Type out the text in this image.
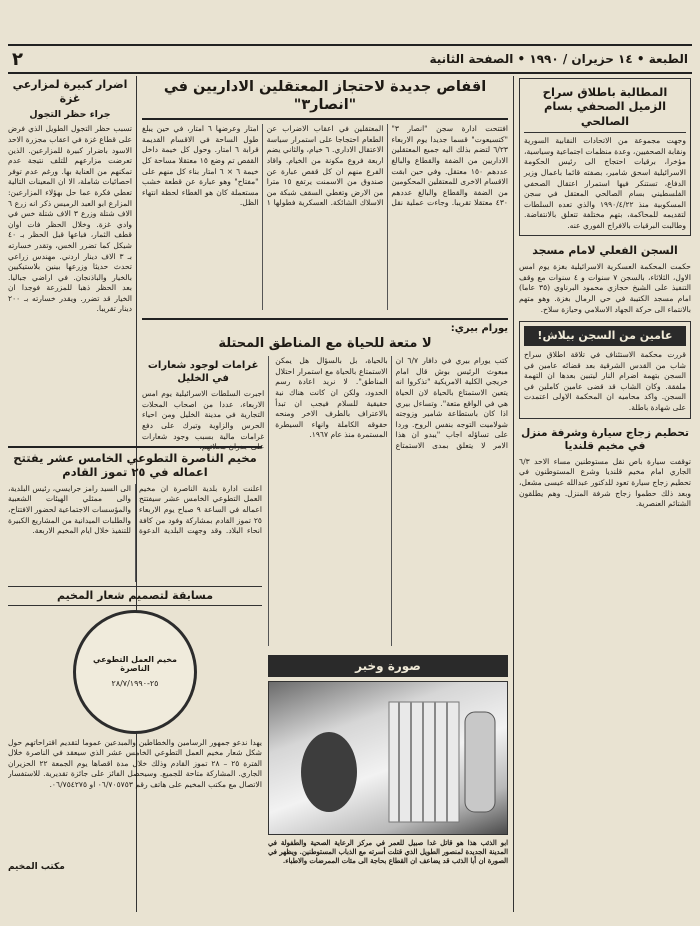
الطبعة • ١٤ حزيران / ١٩٩٠ • الصفحة الثانية
٢
المطالبة باطلاق سراح الزميل الصحفي بسام الصالحي

وجهت مجموعة من الاتحادات النقابية السورية ونقابة الصحفيين، وعدة منظمات اجتماعية وسياسية، مؤخرا، برقيات احتجاج الى رئيس الحكومة الاسرائيلية اسحق شامير، بصفته قائما باعمال وزير الدفاع، تستنكر فيها استمرار اعتقال الصحفي الفلسطيني بسام الصالحي المعتقل في سجن المسكوبية منذ ١٩٩٠/٤/٢٢ والذي تعده السلطات لتقديمه للمحاكمة، بتهم مختلفة تتعلق بالانتفاضة. وطالبت البرقيات بالافراج الفوري عنه.

السجن الفعلي لامام مسجد

حكمت المحكمة العسكرية الاسرائيلية بغزة يوم امس الاول، الثلاثاء، بالسجن ٧ سنوات و ٤ سنوات مع وقف التنفيذ على الشيخ حجازي محمود البرناوي (٣٥ عاما) امام مسجد الكتيبة في حي الرمال بغزة. وهو متهم بالانتماء الى حركة الجهاد الاسلامي وحيازة سلاح.

عامين من السجن بيلاش!

قررت محكمة الاستئناف في تلاقة اطلاق سراح شاب من القدس الشرقية بعد قضائه عامين في السجن بتهمة اضرام النار ليتبين بعدها ان التهمة ملفقة. وكان الشاب قد قضى عامين كاملين في السجن. واكد محاميه ان المحكمة الاولى اعتمدت على شهادة باطلة.

تحطيم زجاج سيارة وشرفة منزل في مخيم قلنديا

توقفت سيارة باص نقل مستوطنين مساء الاحد ٦/٣ الجاري امام مخيم قلنديا وشرع المستوطنون في تحطيم زجاج سيارة تعود للدكتور عبدالله عيسى مشعل، وبعد ذلك حطموا زجاج شرفة المنزل. وهم يطلقون الشتائم العنصرية.

اقفاص جديدة لاحتجاز المعتقلين الاداريين في "انصار٣"

افتتحت ادارة سجن "انصار ٣" "كتسيعوت" قسما جديدا يوم الاربعاء ٦/٢٣ لتضم بذلك اليه جميع المعتقلين الاداريين من الضفة والقطاع والبالغ عددهم ١٥٠ معتقل. وفي حين ابقت الاقسام الاخرى للمعتقلين المحكومين من الضفة والقطاع والبالغ عددهم ٤٣٠ معتقلا تقريبا. وجاءت عملية نقل المعتقلين في اعقاب الاضراب عن الطعام احتجاجا على استمرار سياسة الاعتقال الاداري. ٦ خيام، والثاني يضم اربعة فروع مكونة من الخيام. واقاد الفرع منهم ان كل قفص عبارة عن صندوق من الاسمنت يرتفع ١٥ مترا من الارض وتغطي السقف شبكة من الاسلاك الشائكة. العسكرية فطولها ١ امتار وعرضها ٦ امتار، في حين يبلغ طول الساحة في الاقسام القديمة قرابة ٦ امتار. وحول كل خيمة داخل القفص تم وضع ١٥ معتقلا مساحة كل خيمة ٦ × ٦ امتار بناء كل منهم على "مفتاح" وهو عبارة عن قطعة خشب مستعملة كان هو الغطاء لحظة انتهاء الظل.

يورام بيري:
لا متعة للحياة مع المناطق المحتلة

كتب يورام بيري في دافار ٦/٧ ان مبعوث الرئيس بوش قال امام خريجي الكلية الامريكية "تذكروا انه يتعين الاستمتاع بالحياة لان الحياة هي في الواقع متعة". وتساءل بيري اذا كان باستطاعة شامير وزوجته شولاميت التوجه بنفس الروح. وردا على تساؤله اجاب "يبدو ان هذا الامر لا يتعلق بمدى الاستمتاع بالحياة، بل بالسؤال هل يمكن الاستمتاع بالحياة مع استمرار احتلال المناطق". لا نريد اعادة رسم الحدود، ولكن ان كانت هناك نية حقيقية للسلام فيجب ان تبدأ بالاعتراف بالطرف الاخر ومنحه حقوقه الكاملة وانهاء السيطرة المستمرة منذ عام ١٩٦٧.

غرامات لوجود شعارات في الخليل

اجبرت السلطات الاسرائيلية يوم امس الاربعاء، عددا من اصحاب المحلات التجارية في مدينة الخليل ومن احياء الحرس والزاوية وتيرك على دفع غرامات مالية بسبب وجود شعارات على جدران محلاتهم.

صورة وخبر

ابو الذئب هذا هو قاتل غدا صبيل للعمر في مركز الرعاية الصحية والطفولة في المدينة الجديدة لمنصور الطويل الذي قتلت أسرته مع الذباب المستوطنين. ويظهر في الصورة ان أبا الذئب قد يضاعف ان القطاع بحاجة الى مئات الممرضات والاطباء.

مخيم الناصرة التطوعي الخامس عشر يفتتح اعماله في ٢٥ تموز القادم

اعلنت ادارة بلدية الناصرة ان مخيم العمل التطوعي الخامس عشر سيفتتح اعماله في الساعة ٩ صباح يوم الاربعاء ٢٥ تموز القادم بمشاركة وفود من كافة انحاء البلاد. وقد وجهت البلدية الدعوة الى السيد رامز جرايسي، رئيس البلدية، والى ممثلي الهيئات الشعبية والمؤسسات الاجتماعية لحضور الافتتاح، والطلبات الميدانية من المشاريع الكبيرة للتنفيذ خلال ايام المخيم الاربعة.

مسابقة لتصميم شعار المخيم
مخيم العمل التطوعي الناصرة
٢٥-٢٨/٧/١٩٩٠

يهدا ندعو جمهور الرسامين والخطاطين والمبدعين عموما لتقديم اقتراحاتهم حول شكل شعار مخيم العمل التطوعي الخامس عشر الذي سيعقد في الناصرة خلال الفترة ٢٥ – ٢٨ تموز القادم وذلك خلال مدة اقصاها يوم الجمعة ٢٢ الحزيران الجاري. المشاركة متاحة للجميع. وسيحصل الفائز على جائزة تقديرية. للاستفسار الاتصال مع مكتب المخيم على هاتف رقم ٠٦/٧٠٥٧٥٣ او ٠٦/٧٥٤٢٧٥.

مكتب المخيم
اضرار كبيرة لمزارعي غزة
جراء حظر التجول

تسبب حظر التجول الطويل الذي فرض على قطاع غزة في اعقاب مجزرة الاحد الاسود باضرار كبيرة للمزارعين. الذين تعرضت مزارعهم للتلف نتيجة عدم تمكنهم من العناية بها. ورغم عدم توفر احصائيات شاملة، الا ان المعينات التالية تعطي فكرة عما حل بهؤلاء المزارعين: المزارع ابو العبد الرميس ذكر انه زرع ٦ الاف شتلة وزرع ٣ الاف شتلة خس في وادي غزة. وخلال الحظر فات اوان قطف الثمار، فباعها قبل الحظر بـ ٤٠ شيكل كما تضرر الخس، وتقدر خسارته بـ ٣ الاف دينار اردني. مهندس زراعي تحدث حديثا وزرعها بينين بلاستيكيين بالخيار والباذنجان. في اراضي جباليا. بعد الحظر ذهبا للمزرعة فوجدا ان الخيار قد تضرر. ويقدر خسارته بـ ٢٠٠ دينار تقريبا.
